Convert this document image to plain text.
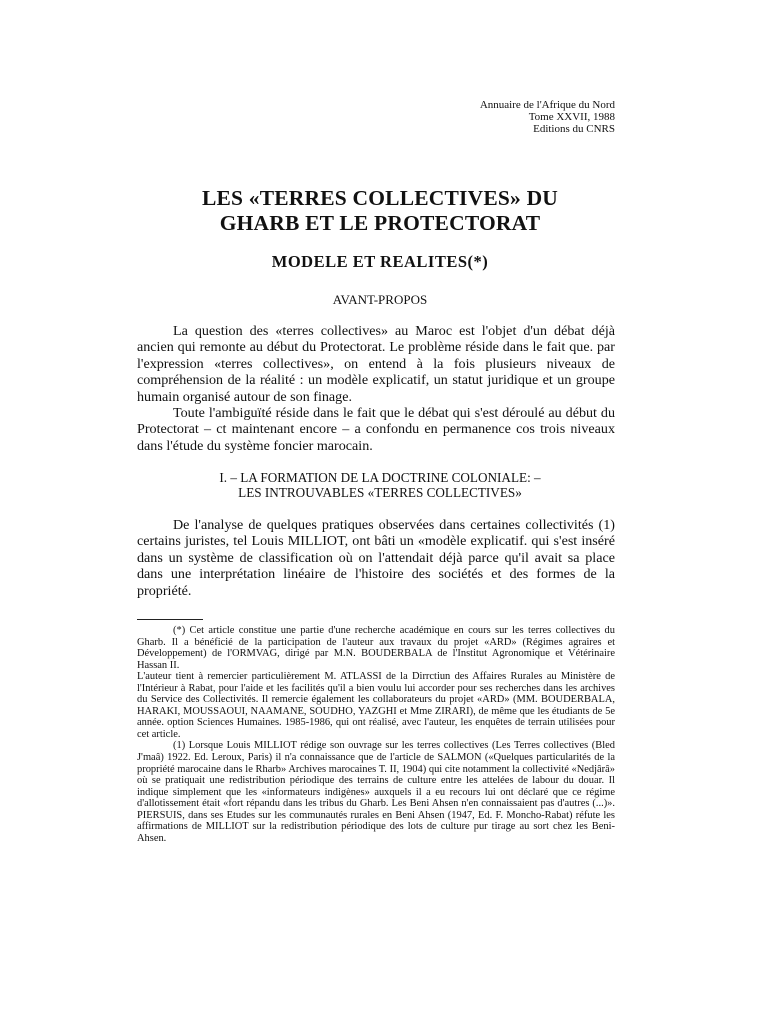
Annuaire de l'Afrique du Nord
Tome XXVII, 1988
Editions du CNRS
LES «TERRES COLLECTIVES» DU
GHARB ET LE PROTECTORAT
MODELE ET REALITES(*)
AVANT-PROPOS

La question des «terres collectives» au Maroc est l'objet d'un débat déjà ancien qui remonte au début du Protectorat. Le problème réside dans le fait que. par l'expression «terres collectives», on entend à la fois plusieurs niveaux de compréhension de la réalité : un modèle explicatif, un statut juridique et un groupe humain organisé autour de son finage.

Toute l'ambiguïté réside dans le fait que le débat qui s'est déroulé au début du Protectorat – ct maintenant encore – a confondu en permanence cos trois niveaux dans l'étude du système foncier marocain.

I. – LA FORMATION DE LA DOCTRINE COLONIALE: –
LES INTROUVABLES «TERRES COLLECTIVES»

De l'analyse de quelques pratiques observées dans certaines collectivités (1) certains juristes, tel Louis MILLIOT, ont bâti un «modèle explicatif. qui s'est inséré dans un système de classification où on l'attendait déjà parce qu'il avait sa place dans une interprétation linéaire de l'histoire des sociétés et des formes de la propriété.

(*) Cet article constitue une partie d'une recherche académique en cours sur les terres collectives du Gharb. Il a bénéficié de la participation de l'auteur aux travaux du projet «ARD» (Régimes agraires et Développement) de l'ORMVAG, dirigé par M.N. BOUDERBALA de l'Institut Agronomique et Vétérinaire Hassan II.

L'auteur tient à remercier particulièrement M. ATLASSI de la Dirrctiun des Affaires Rurales au Ministère de l'Intérieur à Rabat, pour l'aide et les facilités qu'il a bien voulu lui accorder pour ses recherches dans les archives du Service des Collectivités. Il remercie également les collaborateurs du projet «ARD» (MM. BOUDERBALA, HARAKI, MOUSSAOUI, NAAMANE, SOUDHO, YAZGHI et Mme ZIRARI), de même que les étudiants de 5e année. option Sciences Humaines. 1985-1986, qui ont réalisé, avec l'auteur, les enquêtes de terrain utilisées pour cet article.

(1) Lorsque Louis MILLIOT rédige son ouvrage sur les terres collectives (Les Terres collectives (Bled J'maâ) 1922. Ed. Leroux, Paris) il n'a connaissance que de l'article de SALMON («Quelques particularités de la propriété marocaine dans le Rharb» Archives marocaines T. II, 1904) qui cite notamment la collectivité «Nedjârâ» où se pratiquait une redistribution périodique des terrains de culture entre les attelées de labour du douar. Il indique simplement que les «informateurs indigènes» auxquels il a eu recours lui ont déclaré que ce régime d'allotissement était «fort répandu dans les tribus du Gharb. Les Beni Ahsen n'en connaissaient pas d'autres (...)». PIERSUIS, dans ses Etudes sur les communautés rurales en Beni Ahsen (1947, Ed. F. Moncho-Rabat) réfute les affirmations de MILLIOT sur la redistribution périodique des lots de culture pur tirage au sort chez les Beni-Ahsen.
